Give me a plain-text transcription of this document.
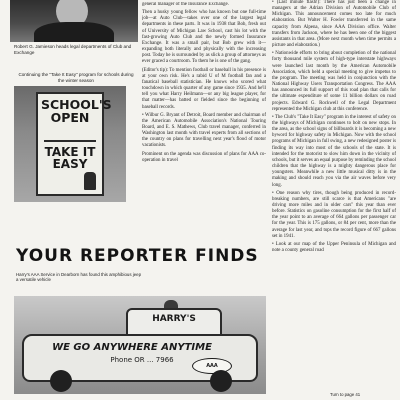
Robert G. Jamieson heads legal departments of Club and Exchange
Continuing the "Take It Easy" program for schools during the winter season
SCHOOL'S OPEN
TAKE IT EASY

general manager of the Insurance Exchange.

Then a husky young fellow who has known but one full-time job—at Auto Club—takes over one of the largest legal departments in these parts. It was in 1938 that Bob, fresh out of University of Michigan Law School, cast his lot with the fast-growing Auto Club and the newly formed Insurance Exchange. It was a small pair, but Bob grew with it—expanding both literally and physically with the increasing post. Today he is surrounded by as slick a group of attorneys as ever graced a courtroom. To them he is one of the gang.

(Editor's tip): To mention football or baseball in his presence is at your own risk. He's a rabid U of M football fan and a fanatical baseball statistician. He knows who scored what touchdown in which quarter of any game since 1935. And he'll tell you what Harry Heilmann—or any big league player, for that matter—has batted or fielded since the beginning of baseball records.

• Wilbur G. Bryant of Detroit, Board member and chairman of the American Automobile Association's National Touring Board, and E. S. Mathews, Club travel manager, conferred in Washington last month with travel experts from all sections of the country on plans for travelling next year's flood of motor vacationists.

Prominent on the agenda was discussion of plans for AAA co-operation in travel

• (Last minute flash!): There has just been a change in managers at the Adrian Division of Automobile Club of Michigan. This announcement comes too late for much elaboration. But Walter H. Fowler transferred in the same capacity from Alpena, since AAA Division office. Walter transfers from Jackson, where he has been one of the biggest assistants in that area. (More next month when time permits a picture and elaboration.)

• Nationwide efforts to bring about completion of the national forty thousand mile system of high-type interstate highways were launched last month by the American Automobile Association, which held a special meeting to give impetus to the program. The meeting was held in conjunction with the National Highway Users Transportation Congress. The AAA has announced its full support of this road plan that calls for the ultimate expenditure of some 11 billion dollars on road projects. Edward G. Rockwell of the Legal Department represented the Michigan club at this conference.

• The Club's "Take It Easy" program in the interest of safety on the highways of Michigan continues to bolt on new stops. In the area, as the school signs of billboards it is becoming a new byword for highway safety in Michigan. Now with the school programs of Michigan in full swing, a new redesigned poster is finding its way into most of the schools of the state. It is intended for the motorist to slow him down in the vicinity of schools, but it serves an equal purpose by reminding the school children that the highway is a mighty dangerous place for youngsters. Meanwhile a new little musical ditty is in the making and should reach you via the air waves before very long.

• One reason why tires, though being produced in record-breaking numbers, are still scarce is that Americans "are driving more miles and in older cars" this year than ever before. Statistics on gasoline consumption for the first half of the year point to an average of 664 gallons per passenger car for the year. This is 175 gallons, or 84 per cent, more than the average for last year, and tops the record figure of 667 gallons set in 1941.

• Look at our map of the Upper Peninsula of Michigan and note a county general road

YOUR REPORTER FINDS
Harry's AAA Service in Dearborn has found this amphibious jeep a versatile vehicle
HARRY'S
WE GO ANYWHERE ANYTIME
Phone OR ... 7966
AAA
Turn to page 41
